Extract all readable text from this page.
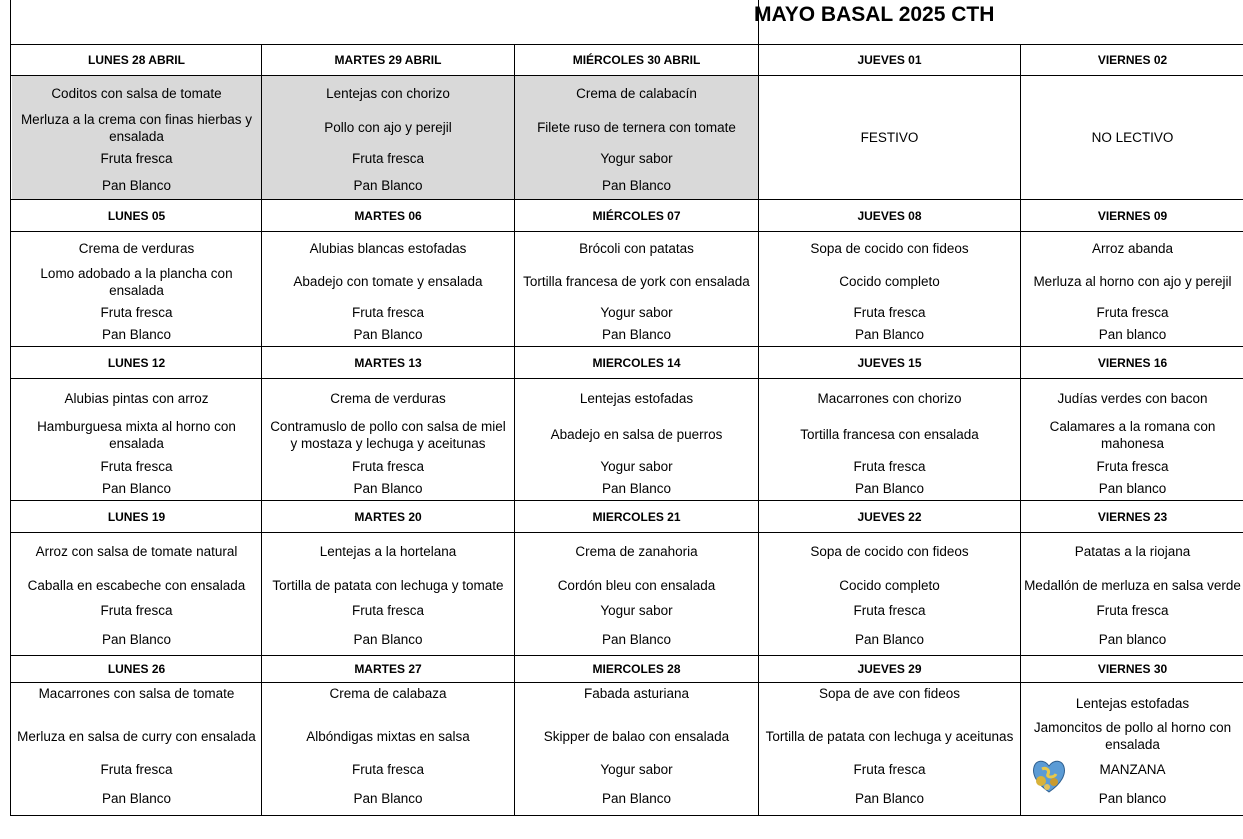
LUNES 28 ABRIL
Coditos con salsa de tomate
Merluza a la crema con finas hierbas y ensalada
Fruta fresca
Pan Blanco
MARTES 29 ABRIL
Lentejas con chorizo
Pollo con ajo y perejil
Fruta fresca
Pan Blanco
MIÉRCOLES 30 ABRIL
Crema de calabacín
Filete ruso de ternera con tomate
Yogur sabor
Pan Blanco
JUEVES 01
FESTIVO
VIERNES 02
NO LECTIVO
LUNES 05
Crema de verduras
Lomo adobado a la plancha con ensalada
Fruta fresca
Pan Blanco
MARTES 06
Alubias blancas estofadas
Abadejo con tomate y ensalada
Fruta fresca
Pan Blanco
MIÉRCOLES 07
Brócoli con patatas
Tortilla francesa de york con ensalada
Yogur sabor
Pan Blanco
JUEVES 08
Sopa de cocido con fideos
Cocido completo
Fruta fresca
Pan Blanco
VIERNES 09
Arroz abanda
Merluza al horno con ajo y perejil
Fruta fresca
Pan blanco
LUNES 12
Alubias pintas con arroz
Hamburguesa mixta al horno con ensalada
Fruta fresca
Pan Blanco
MARTES 13
Crema de verduras
Contramuslo de pollo con salsa de miel y mostaza y lechuga y aceitunas
Fruta fresca
Pan Blanco
MIERCOLES 14
Lentejas estofadas
Abadejo en salsa de puerros
Yogur sabor
Pan Blanco
JUEVES 15
Macarrones con chorizo
Tortilla francesa con ensalada
Fruta fresca
Pan Blanco
VIERNES 16
Judías verdes con bacon
Calamares a la romana con mahonesa
Fruta fresca
Pan blanco
LUNES 19
Arroz con salsa de tomate natural
Caballa en escabeche con ensalada
Fruta fresca
Pan Blanco
MARTES 20
Lentejas a la hortelana
Tortilla de patata con lechuga y tomate
Fruta fresca
Pan Blanco
MIERCOLES 21
Crema de zanahoria
Cordón bleu con ensalada
Yogur sabor
Pan Blanco
JUEVES 22
Sopa de cocido con fideos
Cocido completo
Fruta fresca
Pan Blanco
VIERNES 23
Patatas a la riojana
Medallón de merluza en salsa verde
Fruta fresca
Pan blanco
LUNES 26
Macarrones con salsa de tomate
Merluza en salsa de curry con ensalada
Fruta fresca
Pan Blanco
MARTES 27
Crema de calabaza
Albóndigas mixtas en salsa
Fruta fresca
Pan Blanco
MIERCOLES 28
Fabada asturiana
Skipper de balao con ensalada
Yogur sabor
Pan Blanco
JUEVES 29
Sopa de ave con fideos
Tortilla de patata con lechuga y aceitunas
Fruta fresca
Pan Blanco
VIERNES 30
Lentejas estofadas
Jamoncitos de pollo al horno con ensalada
MANZANA
Pan blanco
MAYO BASAL 2025 CTH
